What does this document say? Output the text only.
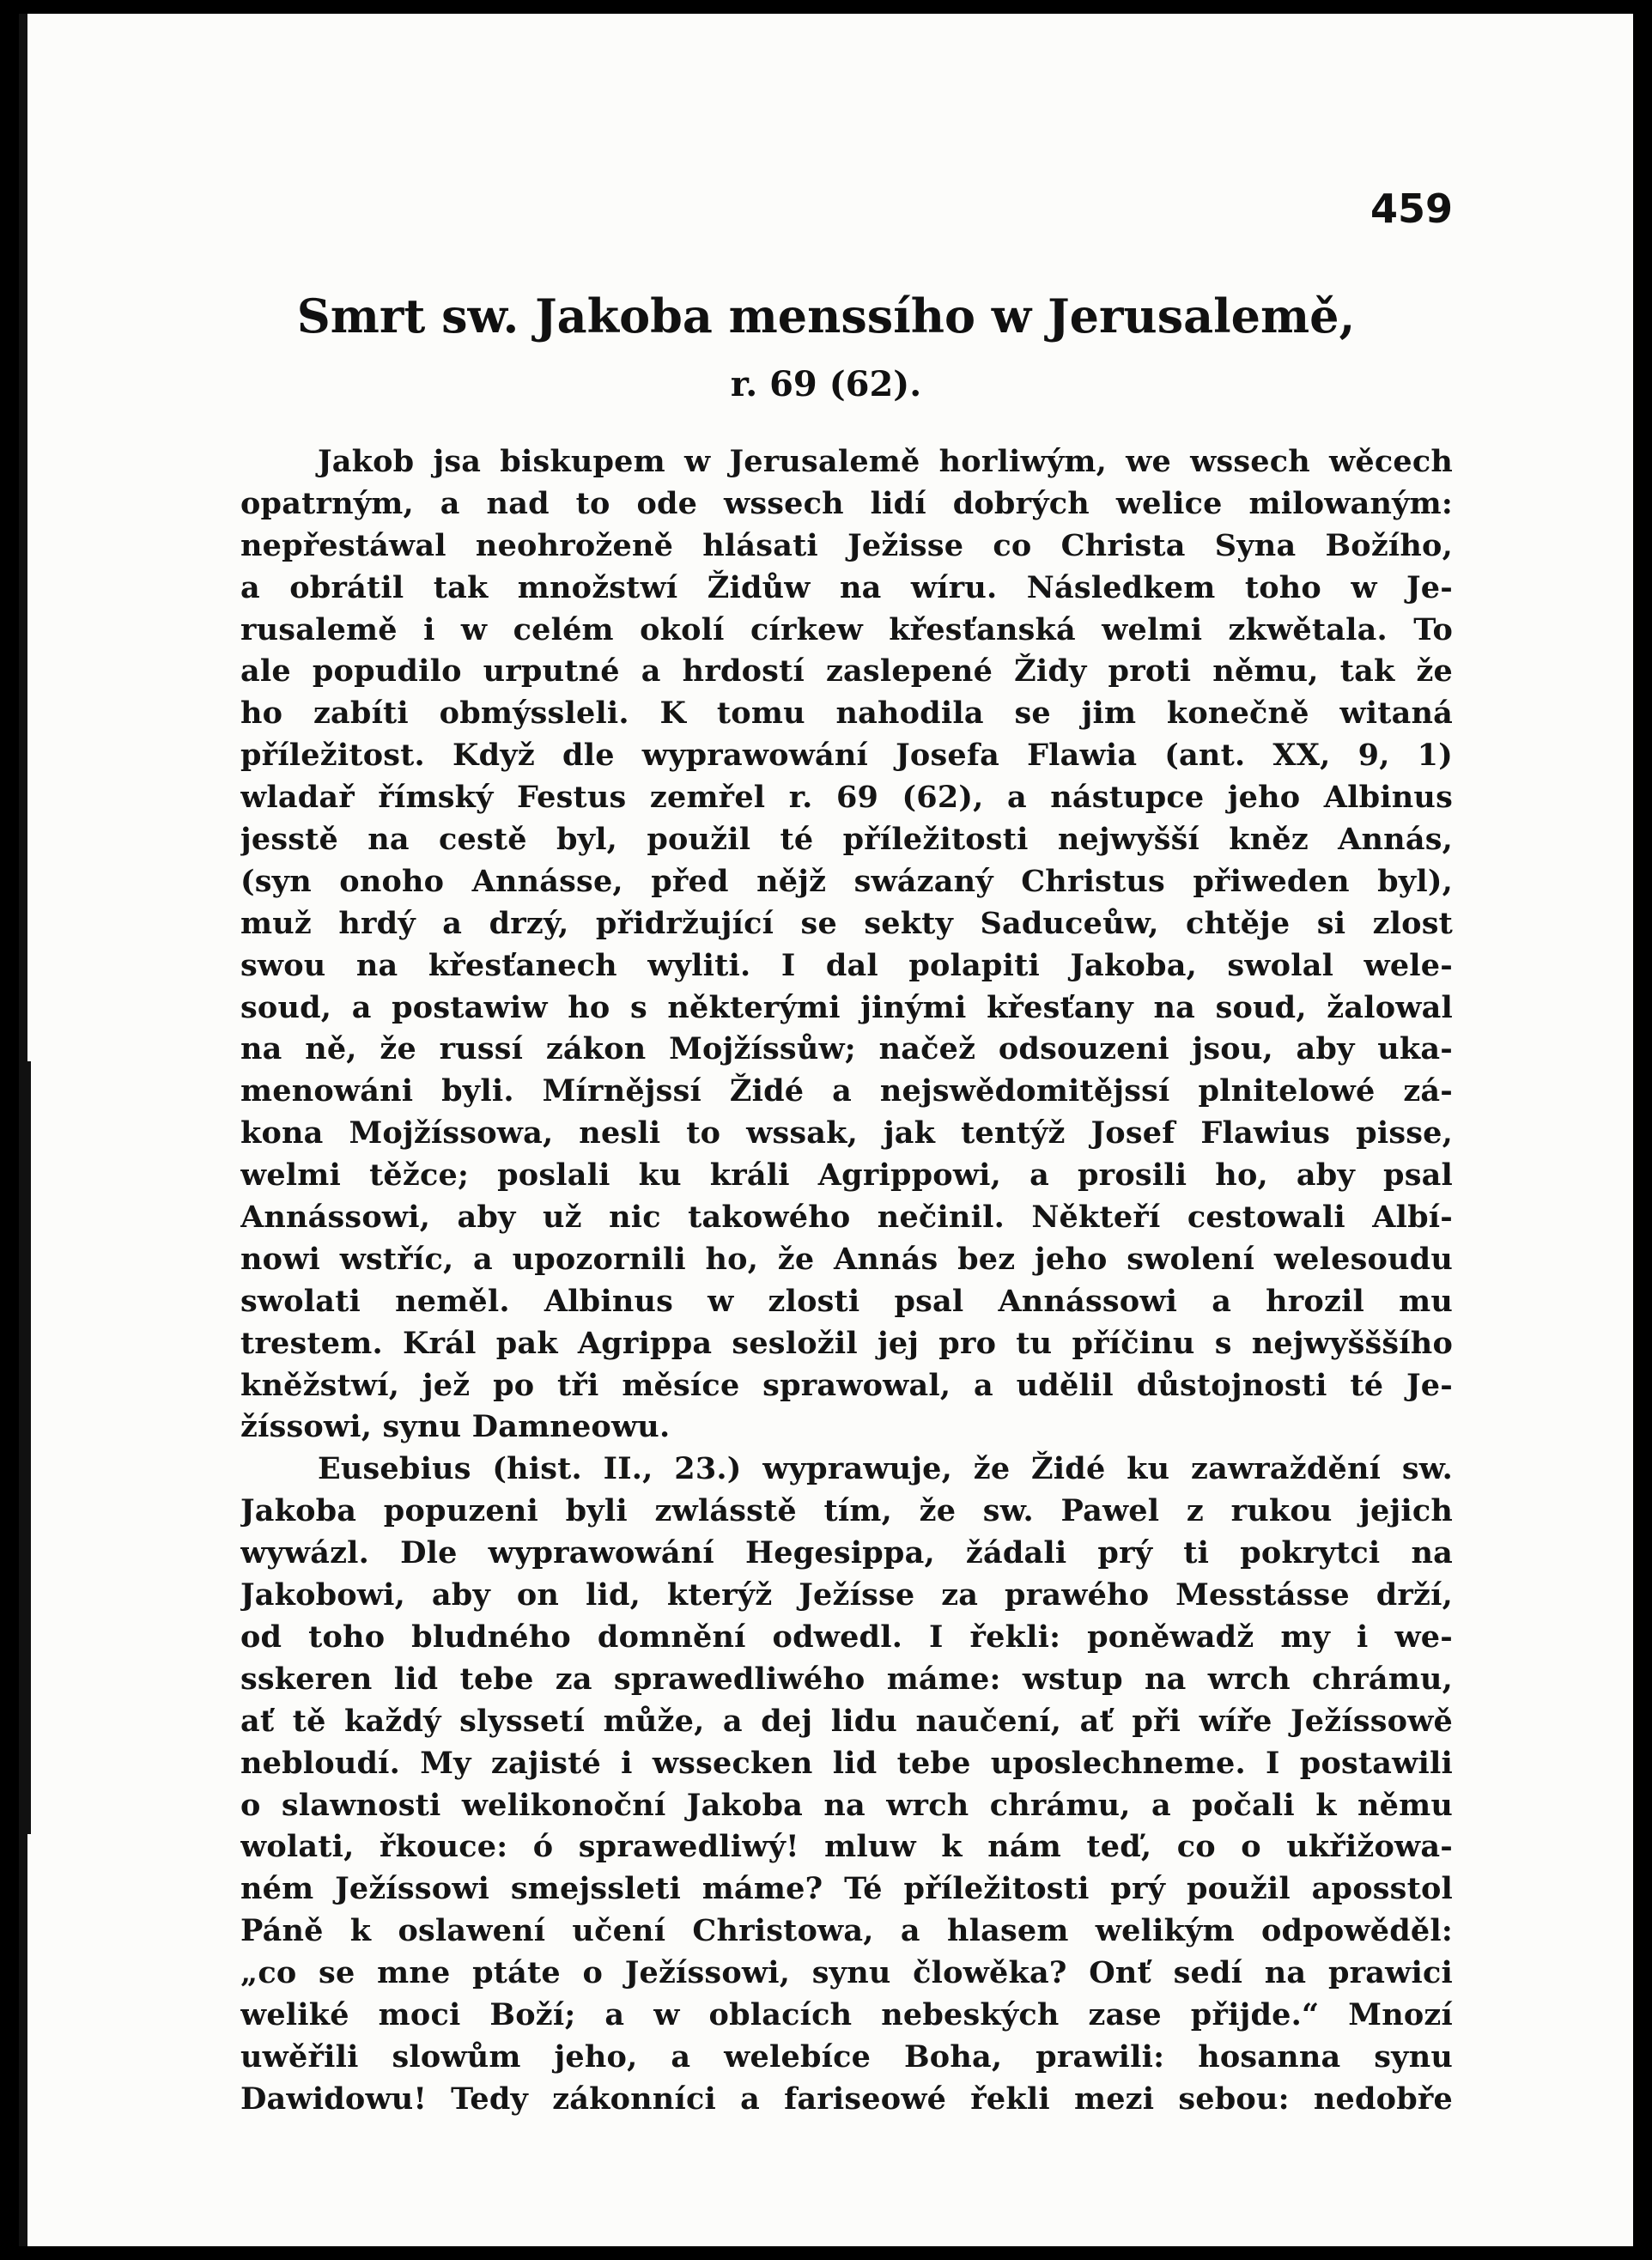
459
Smrt sw. Jakoba menssího w Jerusalemě,
r. 69 (62).
Jakob jsa biskupem w Jerusalemě horliwým, we wssech wěcech
opatrným, a nad to ode wssech lidí dobrých welice milowaným:
nepřestáwal neohroženě hlásati Ježisse co Christa Syna Božího,
a obrátil tak množstwí Židůw na wíru. Následkem toho w Je-
rusalemě i w celém okolí církew křesťanská welmi zkwětala. To
ale popudilo urputné a hrdostí zaslepené Židy proti němu, tak že
ho zabíti obmýssleli. K tomu nahodila se jim konečně witaná
příležitost. Když dle wyprawowání Josefa Flawia (ant. XX, 9, 1)
wladař římský Festus zemřel r. 69 (62), a nástupce jeho Albinus
jesstě na cestě byl, použil té příležitosti nejwyšší kněz Annás,
(syn onoho Annásse, před nějž swázaný Christus přiweden byl),
muž hrdý a drzý, přidržující se sekty Saduceůw, chtěje si zlost
swou na křesťanech wyliti. I dal polapiti Jakoba, swolal wele-
soud, a postawiw ho s některými jinými křesťany na soud, žalowal
na ně, že russí zákon Mojžíssůw; načež odsouzeni jsou, aby uka-
menowáni byli. Mírnějssí Židé a nejswědomitějssí plnitelowé zá-
kona Mojžíssowa, nesli to wssak, jak tentýž Josef Flawius pisse,
welmi těžce; poslali ku králi Agrippowi, a prosili ho, aby psal
Annássowi, aby už nic takowého nečinil. Někteří cestowali Albí-
nowi wstříc, a upozornili ho, že Annás bez jeho swolení welesoudu
swolati neměl. Albinus w zlosti psal Annássowi a hrozil mu
trestem. Král pak Agrippa sesložil jej pro tu příčinu s nejwyšššího
kněžstwí, jež po tři měsíce sprawowal, a udělil důstojnosti té Je-
žíssowi, synu Damneowu.
Eusebius (hist. II., 23.) wyprawuje, že Židé ku zawraždění sw.
Jakoba popuzeni byli zwlásstě tím, že sw. Pawel z rukou jejich
wywázl. Dle wyprawowání Hegesippa, žádali prý ti pokrytci na
Jakobowi, aby on lid, kterýž Ježísse za prawého Messtásse drží,
od toho bludného domnění odwedl. I řekli: poněwadž my i we-
sskeren lid tebe za sprawedliwého máme: wstup na wrch chrámu,
ať tě každý slyssetí může, a dej lidu naučení, ať při wíře Ježíssowě
nebloudí. My zajisté i wssecken lid tebe uposlechneme. I postawili
o slawnosti welikonoční Jakoba na wrch chrámu, a počali k němu
wolati, řkouce: ó sprawedliwý! mluw k nám teď, co o ukřižowa-
ném Ježíssowi smejssleti máme? Té příležitosti prý použil aposstol
Páně k oslawení učení Christowa, a hlasem welikým odpowěděl:
„co se mne ptáte o Ježíssowi, synu člowěka? Onť sedí na prawici
weliké moci Boží; a w oblacích nebeských zase přijde.“ Mnozí
uwěřili slowům jeho, a welebíce Boha, prawili: hosanna synu
Dawidowu! Tedy zákonníci a fariseowé řekli mezi sebou: nedobře
